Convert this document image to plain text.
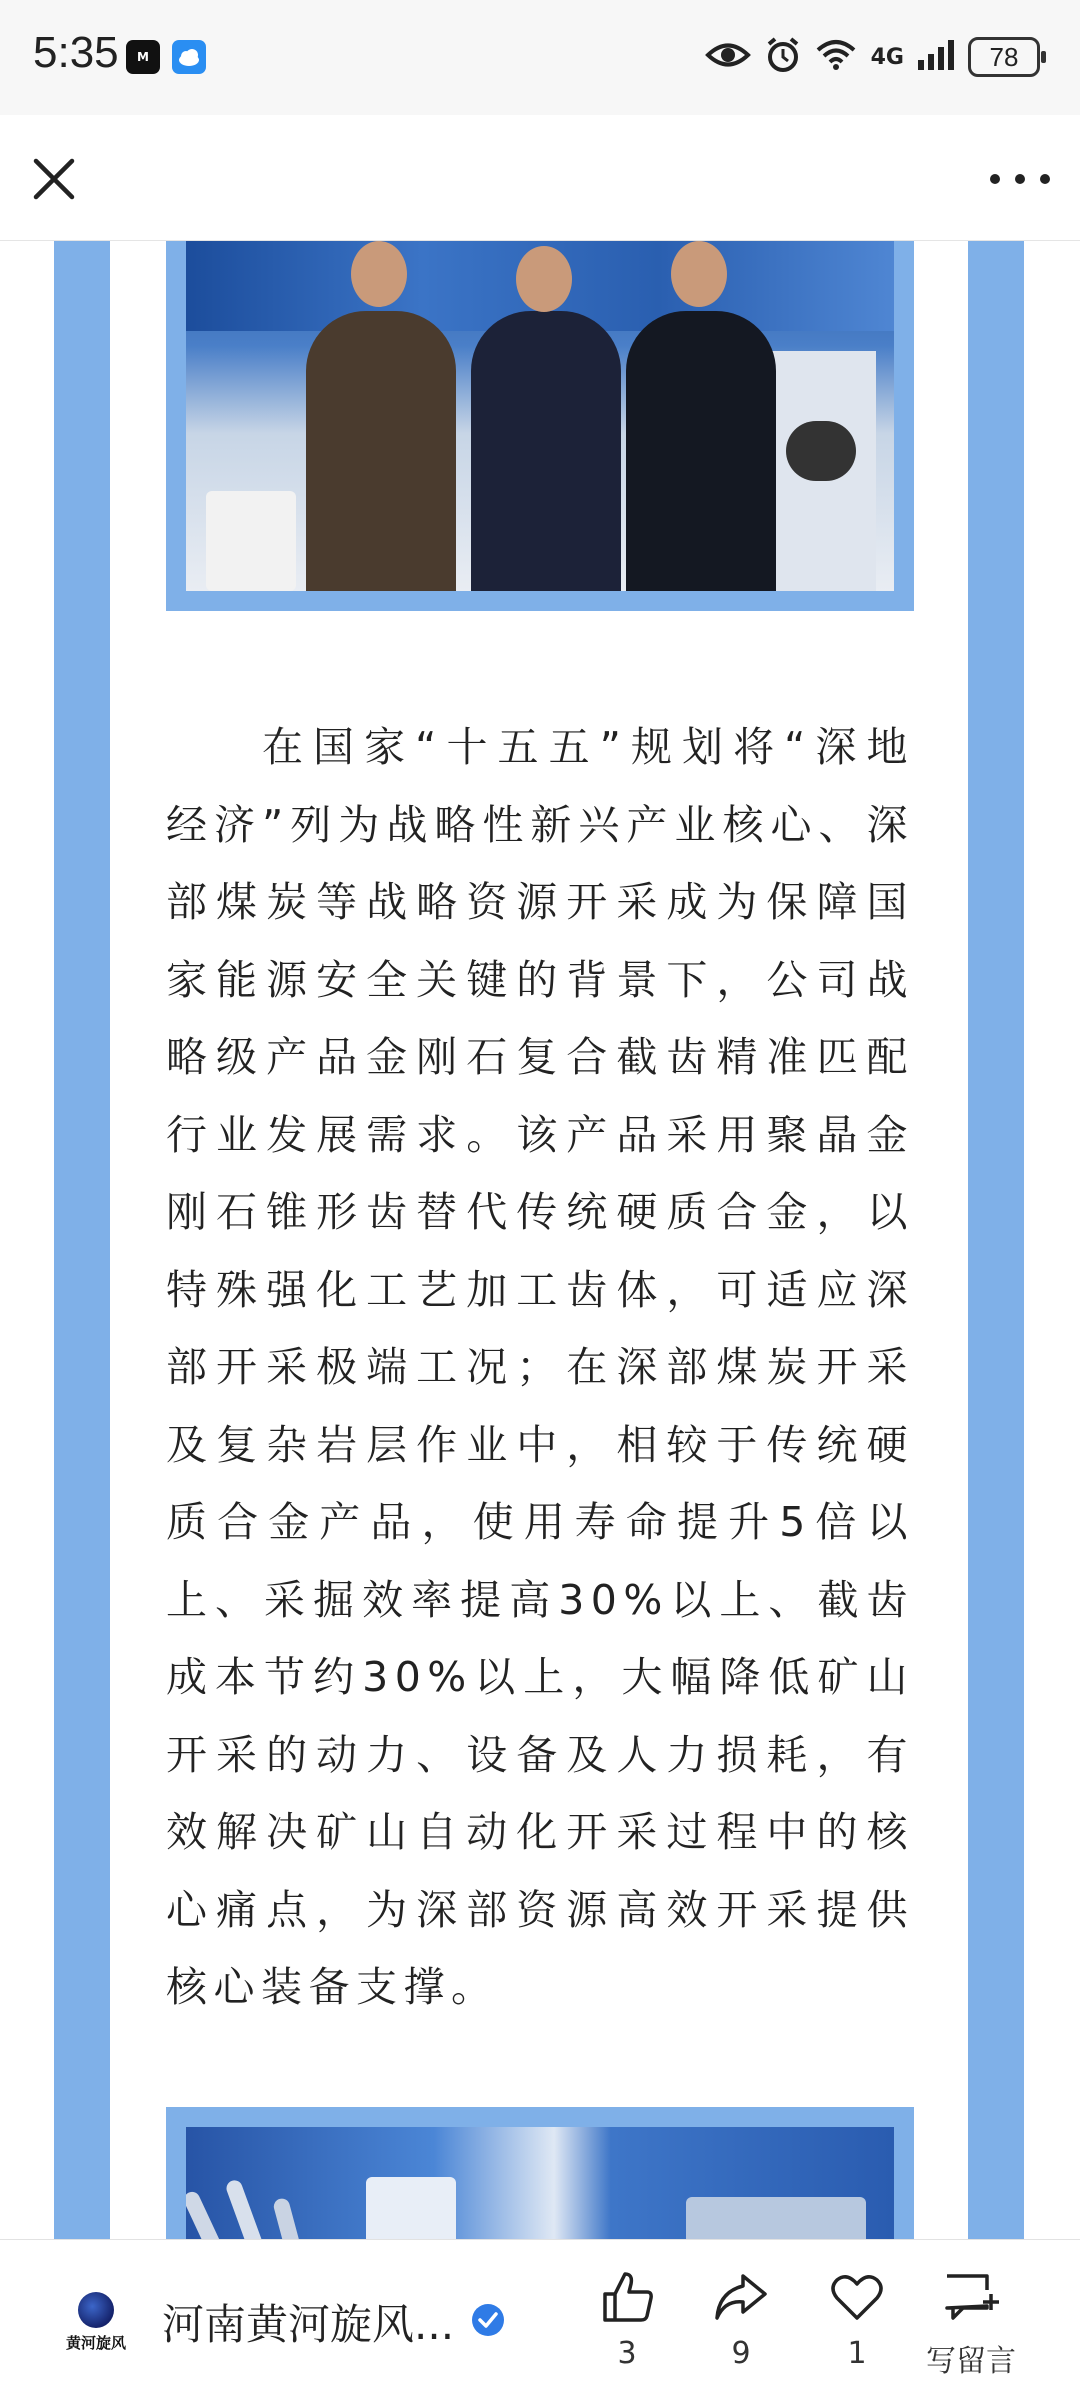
5:35	M	4G	78

在国家“十五五”规划将“深地经济”列为战略性新兴产业核心、深部煤炭等战略资源开采成为保障国家能源安全关键的背景下，公司战略级产品金刚石复合截齿精准匹配行业发展需求。该产品采用聚晶金刚石锥形齿替代传统硬质合金，以特殊强化工艺加工齿体，可适应深部开采极端工况；在深部煤炭开采及复杂岩层作业中，相较于传统硬质合金产品，使用寿命提升5倍以上、采掘效率提高30%以上、截齿成本节约30%以上，大幅降低矿山开采的动力、设备及人力损耗，有效解决矿山自动化开采过程中的核心痛点，为深部资源高效开采提供核心装备支撑。

黄河旋风 河南黄河旋风...
3	9	1	写留言
